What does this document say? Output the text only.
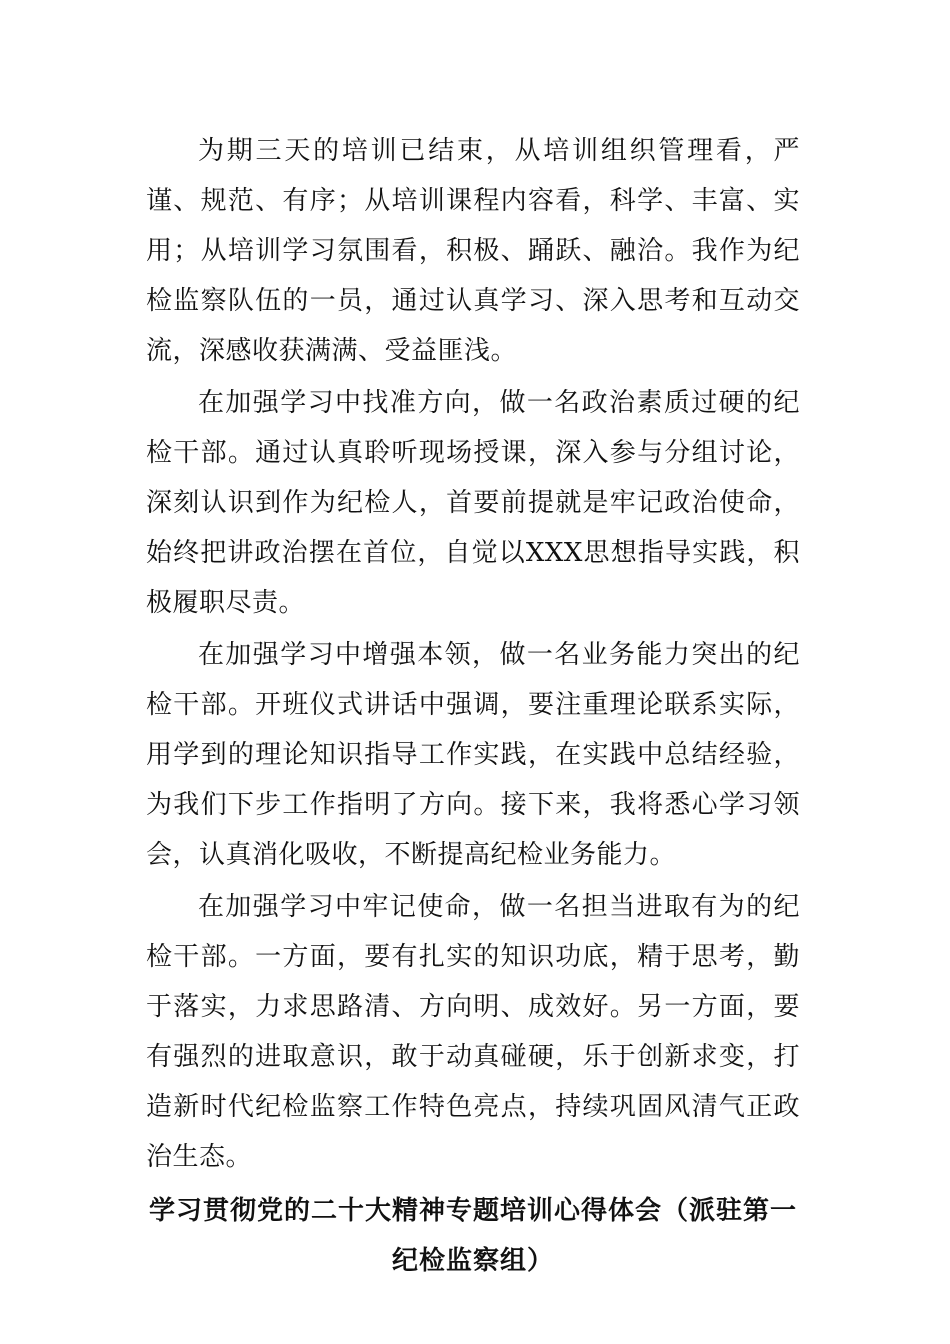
为期三天的培训已结束，从培训组织管理看，严谨、规范、有序；从培训课程内容看，科学、丰富、实用；从培训学习氛围看，积极、踊跃、融洽。我作为纪检监察队伍的一员，通过认真学习、深入思考和互动交流，深感收获满满、受益匪浅。

在加强学习中找准方向，做一名政治素质过硬的纪检干部。通过认真聆听现场授课，深入参与分组讨论，深刻认识到作为纪检人，首要前提就是牢记政治使命，始终把讲政治摆在首位，自觉以XXX思想指导实践，积极履职尽责。

在加强学习中增强本领，做一名业务能力突出的纪检干部。开班仪式讲话中强调，要注重理论联系实际，用学到的理论知识指导工作实践，在实践中总结经验，为我们下步工作指明了方向。接下来，我将悉心学习领会，认真消化吸收，不断提高纪检业务能力。

在加强学习中牢记使命，做一名担当进取有为的纪检干部。一方面，要有扎实的知识功底，精于思考，勤于落实，力求思路清、方向明、成效好。另一方面，要有强烈的进取意识，敢于动真碰硬，乐于创新求变，打造新时代纪检监察工作特色亮点，持续巩固风清气正政治生态。

学习贯彻党的二十大精神专题培训心得体会（派驻第一纪检监察组）
